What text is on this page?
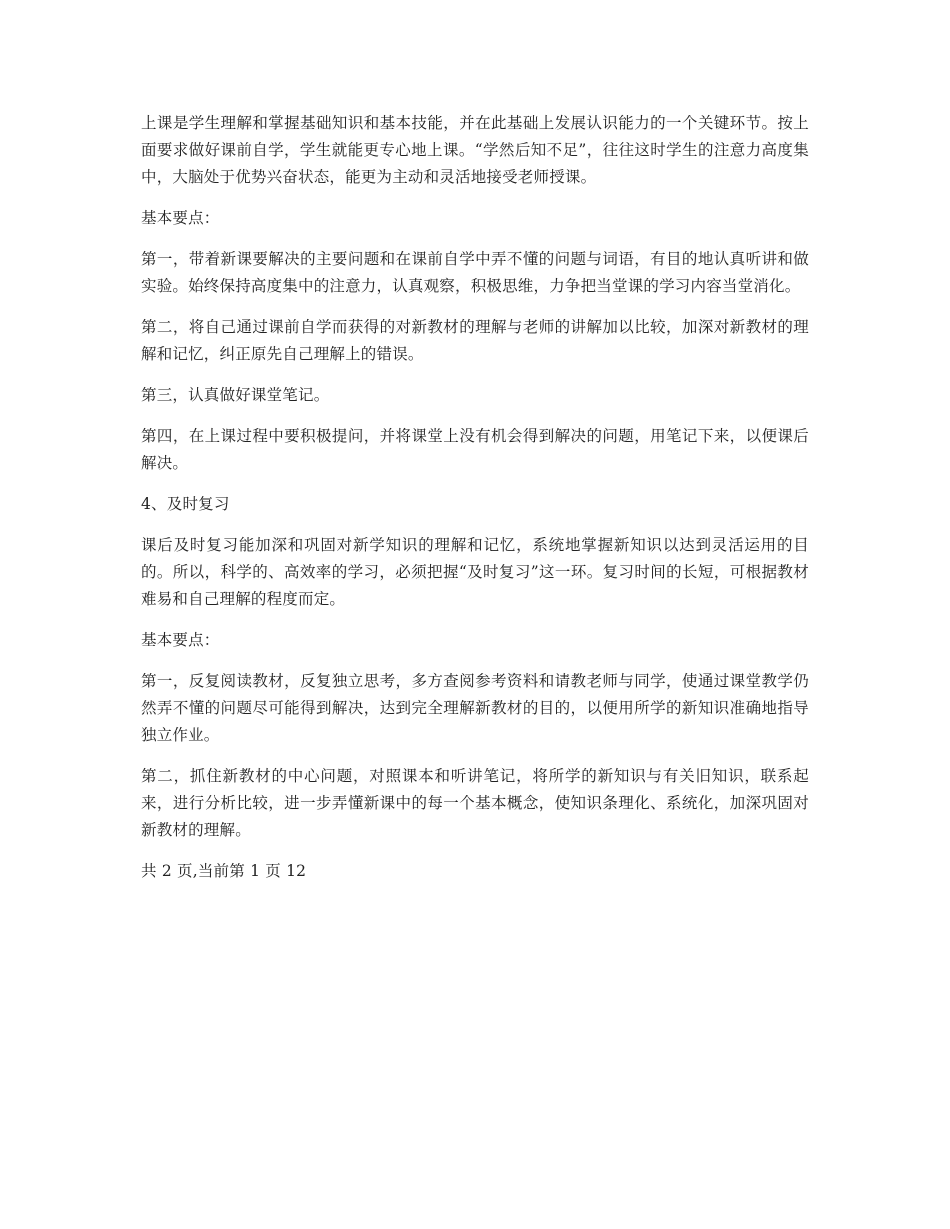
上课是学生理解和掌握基础知识和基本技能，并在此基础上发展认识能力的一个关键环节。按上面要求做好课前自学，学生就能更专心地上课。“学然后知不足”，往往这时学生的注意力高度集中，大脑处于优势兴奋状态，能更为主动和灵活地接受老师授课。

基本要点：

第一，带着新课要解决的主要问题和在课前自学中弄不懂的问题与词语，有目的地认真听讲和做实验。始终保持高度集中的注意力，认真观察，积极思维，力争把当堂课的学习内容当堂消化。

第二，将自己通过课前自学而获得的对新教材的理解与老师的讲解加以比较，加深对新教材的理解和记忆，纠正原先自己理解上的错误。

第三，认真做好课堂笔记。

第四，在上课过程中要积极提问，并将课堂上没有机会得到解决的问题，用笔记下来，以便课后解决。

4、及时复习

课后及时复习能加深和巩固对新学知识的理解和记忆，系统地掌握新知识以达到灵活运用的目的。所以，科学的、高效率的学习，必须把握“及时复习”这一环。复习时间的长短，可根据教材难易和自己理解的程度而定。

基本要点：

第一，反复阅读教材，反复独立思考，多方查阅参考资料和请教老师与同学，使通过课堂教学仍然弄不懂的问题尽可能得到解决，达到完全理解新教材的目的，以便用所学的新知识准确地指导独立作业。

第二，抓住新教材的中心问题，对照课本和听讲笔记，将所学的新知识与有关旧知识，联系起来，进行分析比较，进一步弄懂新课中的每一个基本概念，使知识条理化、系统化，加深巩固对新教材的理解。

共 2 页,当前第 1 页 12
